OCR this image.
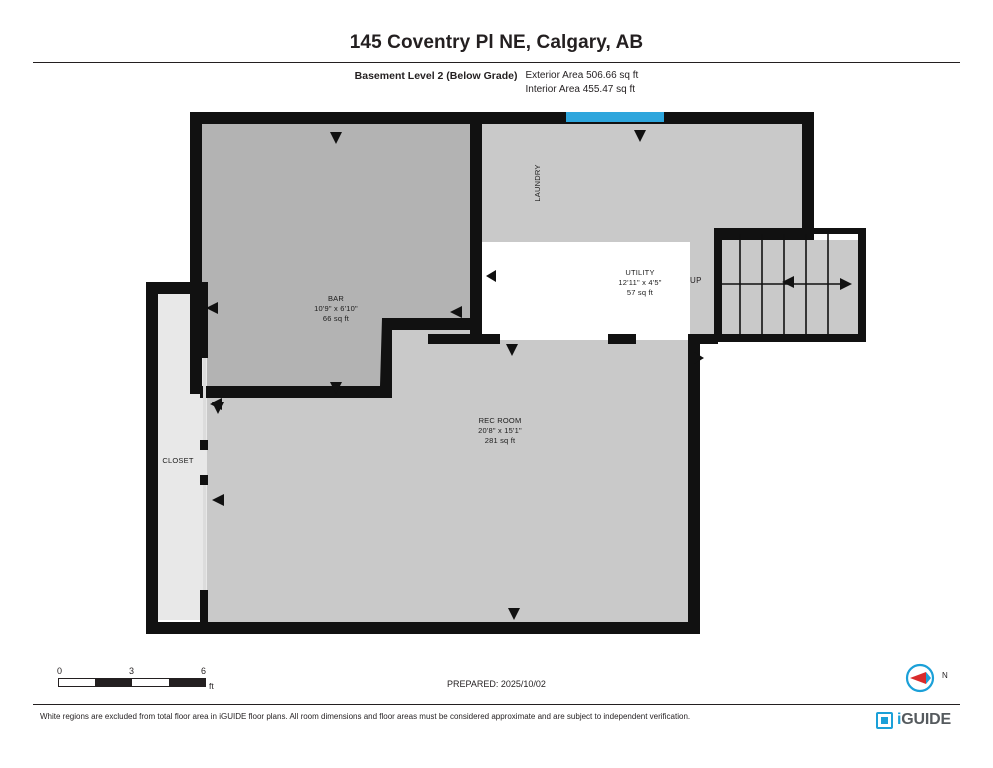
145 Coventry Pl NE, Calgary, AB
Basement Level 2 (Below Grade) Exterior Area 506.66 sq ft
Interior Area 455.47 sq ft
BAR
10'9" x 6'10"
66 sq ft
LAUNDRY
UTILITY
12'11" x 4'5"
57 sq ft
REC ROOM
20'8" x 15'1"
281 sq ft
CLOSET
UP
0	3	6
ft	PREPARED: 2025/10/02
N
White regions are excluded from total floor area in iGUIDE floor plans. All room dimensions and floor areas must be considered approximate and are subject to independent verification.	iGUIDE
